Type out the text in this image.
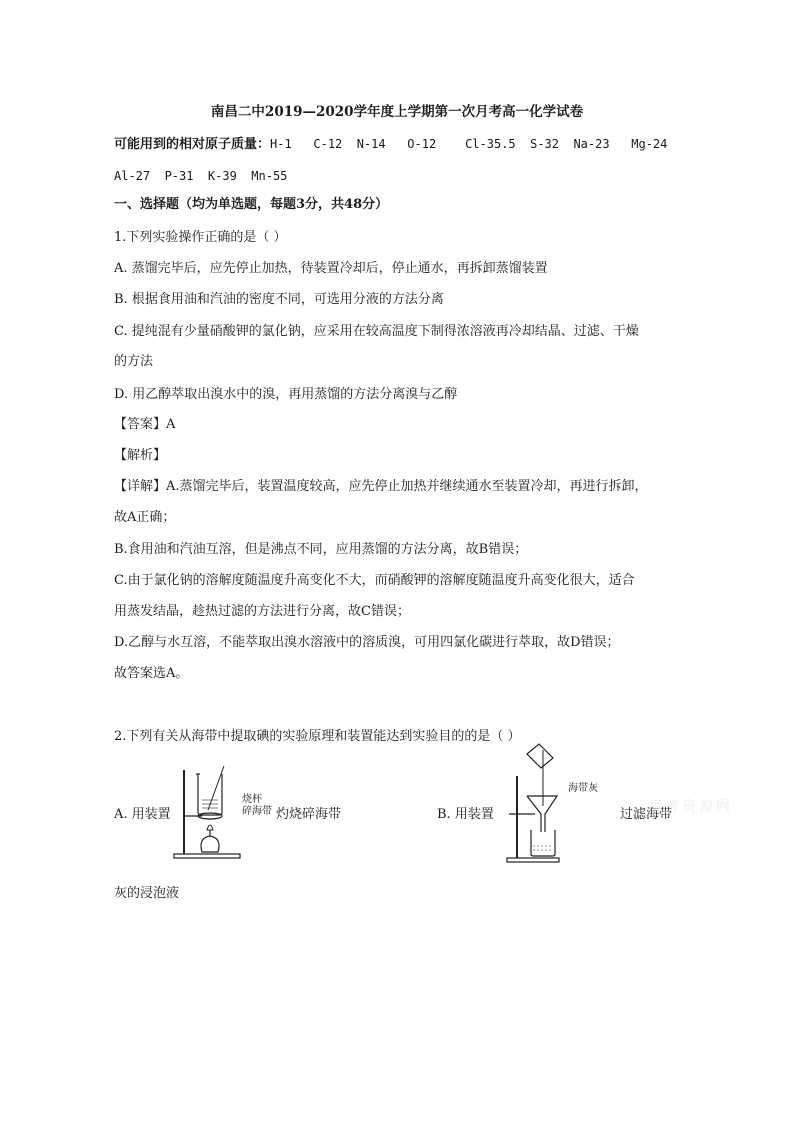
南昌二中2019—2020学年度上学期第一次月考高一化学试卷
可能用到的相对原子质量：H-1   C-12  N-14   O-12    Cl-35.5  S-32  Na-23   Mg-24
Al-27  P-31  K-39  Mn-55
一、选择题（均为单选题，每题3分，共48分）
1.下列实验操作正确的是（ ）
A. 蒸馏完毕后，应先停止加热，待装置冷却后，停止通水，再拆卸蒸馏装置
B. 根据食用油和汽油的密度不同，可选用分液的方法分离
C. 提纯混有少量硝酸钾的氯化钠，应采用在较高温度下制得浓溶液再冷却结晶、过滤、干燥
的方法
D. 用乙醇萃取出溴水中的溴，再用蒸馏的方法分离溴与乙醇
【答案】A
【解析】
【详解】A.蒸馏完毕后，装置温度较高，应先停止加热并继续通水至装置冷却，再进行拆卸，
故A正确；
B.食用油和汽油互溶，但是沸点不同，应用蒸馏的方法分离，故B错误；
C.由于氯化钠的溶解度随温度升高变化不大，而硝酸钾的溶解度随温度升高变化很大，适合
用蒸发结晶，趁热过滤的方法进行分离，故C错误；
D.乙醇与水互溶，不能萃取出溴水溶液中的溶质溴，可用四氯化碳进行萃取，故D错误；
故答案选A。
2.下列有关从海带中提取碘的实验原理和装置能达到实验目的的是（ ）
A. 用装置
烧杯
碎海带 灼烧碎海带	B. 用装置
海带灰
过滤海带
灰的浸泡液
高考资源网
